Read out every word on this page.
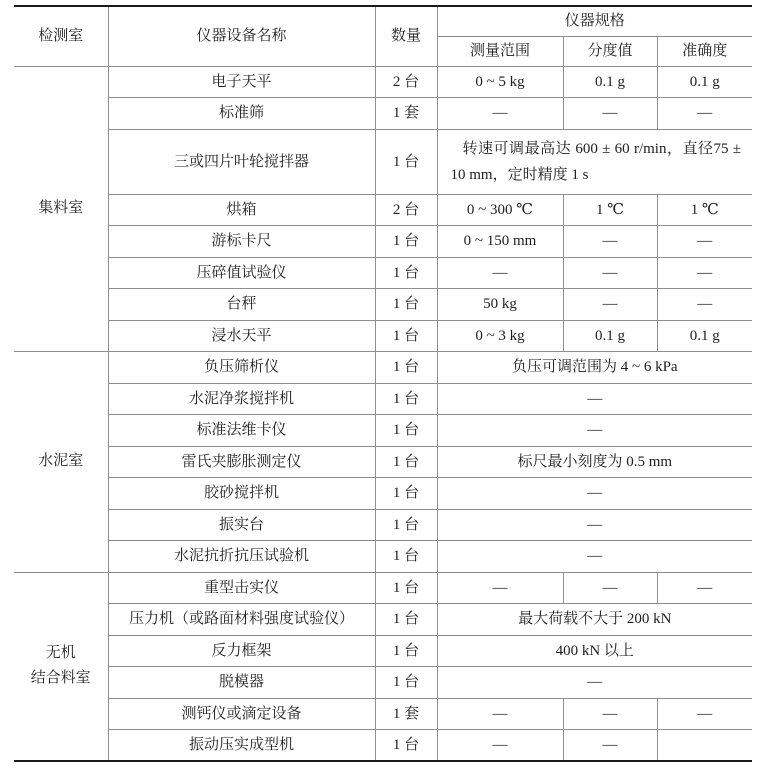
检测室	仪器设备名称	数量	仪器规格		
			测量范围	分度值	准确度

集料室	电子天平	2 台	0 ~ 5 kg	0.1 g	0.1 g
	标准筛	1 套	—	—	—
	三或四片叶轮搅拌器	1 台	转速可调最高达 600 ± 60 r/min，直径75 ± 10 mm，定时精度 1 s		
	烘箱	2 台	0 ~ 300 ℃	1 ℃	1 ℃
	游标卡尺	1 台	0 ~ 150 mm	—	—
	压碎值试验仪	1 台	—	—	—
	台秤	1 台	50 kg	—	—
	浸水天平	1 台	0 ~ 3 kg	0.1 g	0.1 g

水泥室	负压筛析仪	1 台	负压可调范围为 4 ~ 6 kPa		
	水泥净浆搅拌机	1 台	—		
	标准法维卡仪	1 台	—		
	雷氏夹膨胀测定仪	1 台	标尺最小刻度为 0.5 mm		
	胶砂搅拌机	1 台	—		
	振实台	1 台	—		
	水泥抗折抗压试验机	1 台	—		

无机
结合料室	重型击实仪	1 台	—	—	—
	压力机（或路面材料强度试验仪）	1 台	最大荷载不大于 200 kN		
	反力框架	1 台	400 kN 以上		
	脱模器	1 台	—		
	测钙仪或滴定设备	1 套	—	—	—
	振动压实成型机	1 台	—	—	
